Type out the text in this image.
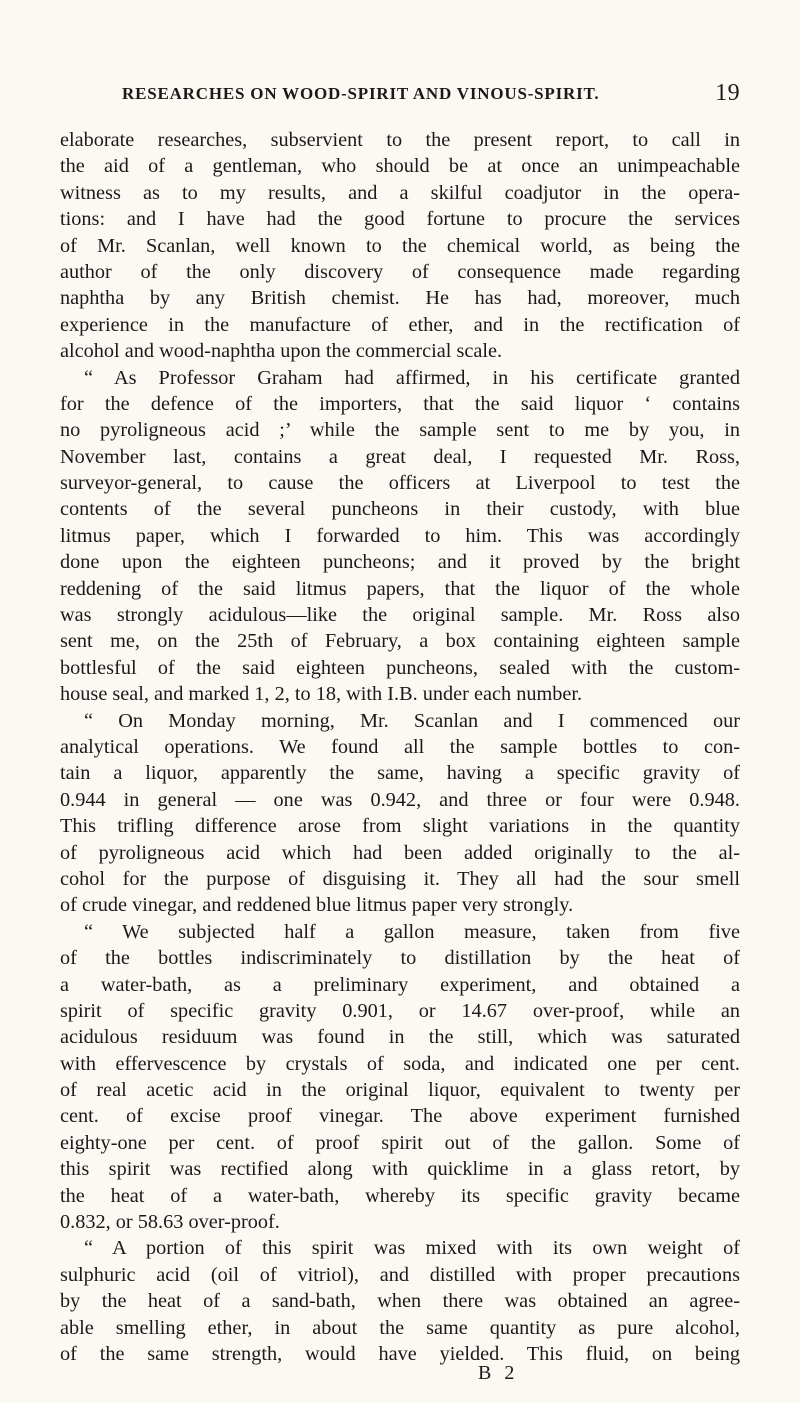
RESEARCHES ON WOOD-SPIRIT AND VINOUS-SPIRIT.	19
elaborate researches, subservient to the present report, to call in
the aid of a gentleman, who should be at once an unimpeachable
witness as to my results, and a skilful coadjutor in the opera-
tions: and I have had the good fortune to procure the services
of Mr. Scanlan, well known to the chemical world, as being the
author of the only discovery of consequence made regarding
naphtha by any British chemist. He has had, moreover, much
experience in the manufacture of ether, and in the rectification of
alcohol and wood-naphtha upon the commercial scale.
“ As Professor Graham had affirmed, in his certificate granted
for the defence of the importers, that the said liquor ‘ contains
no pyroligneous acid ;’ while the sample sent to me by you, in
November last, contains a great deal, I requested Mr. Ross,
surveyor-general, to cause the officers at Liverpool to test the
contents of the several puncheons in their custody, with blue
litmus paper, which I forwarded to him. This was accordingly
done upon the eighteen puncheons; and it proved by the bright
reddening of the said litmus papers, that the liquor of the whole
was strongly acidulous—like the original sample. Mr. Ross also
sent me, on the 25th of February, a box containing eighteen sample
bottlesful of the said eighteen puncheons, sealed with the custom-
house seal, and marked 1, 2, to 18, with I.B. under each number.
“ On Monday morning, Mr. Scanlan and I commenced our
analytical operations. We found all the sample bottles to con-
tain a liquor, apparently the same, having a specific gravity of
0.944 in general — one was 0.942, and three or four were 0.948.
This trifling difference arose from slight variations in the quantity
of pyroligneous acid which had been added originally to the al-
cohol for the purpose of disguising it. They all had the sour smell
of crude vinegar, and reddened blue litmus paper very strongly.
“ We subjected half a gallon measure, taken from five
of the bottles indiscriminately to distillation by the heat of
a water-bath, as a preliminary experiment, and obtained a
spirit of specific gravity 0.901, or 14.67 over-proof, while an
acidulous residuum was found in the still, which was saturated
with effervescence by crystals of soda, and indicated one per cent.
of real acetic acid in the original liquor, equivalent to twenty per
cent. of excise proof vinegar. The above experiment furnished
eighty-one per cent. of proof spirit out of the gallon. Some of
this spirit was rectified along with quicklime in a glass retort, by
the heat of a water-bath, whereby its specific gravity became
0.832, or 58.63 over-proof.
“ A portion of this spirit was mixed with its own weight of
sulphuric acid (oil of vitriol), and distilled with proper precautions
by the heat of a sand-bath, when there was obtained an agree-
able smelling ether, in about the same quantity as pure alcohol,
of the same strength, would have yielded. This fluid, on being
B 2
